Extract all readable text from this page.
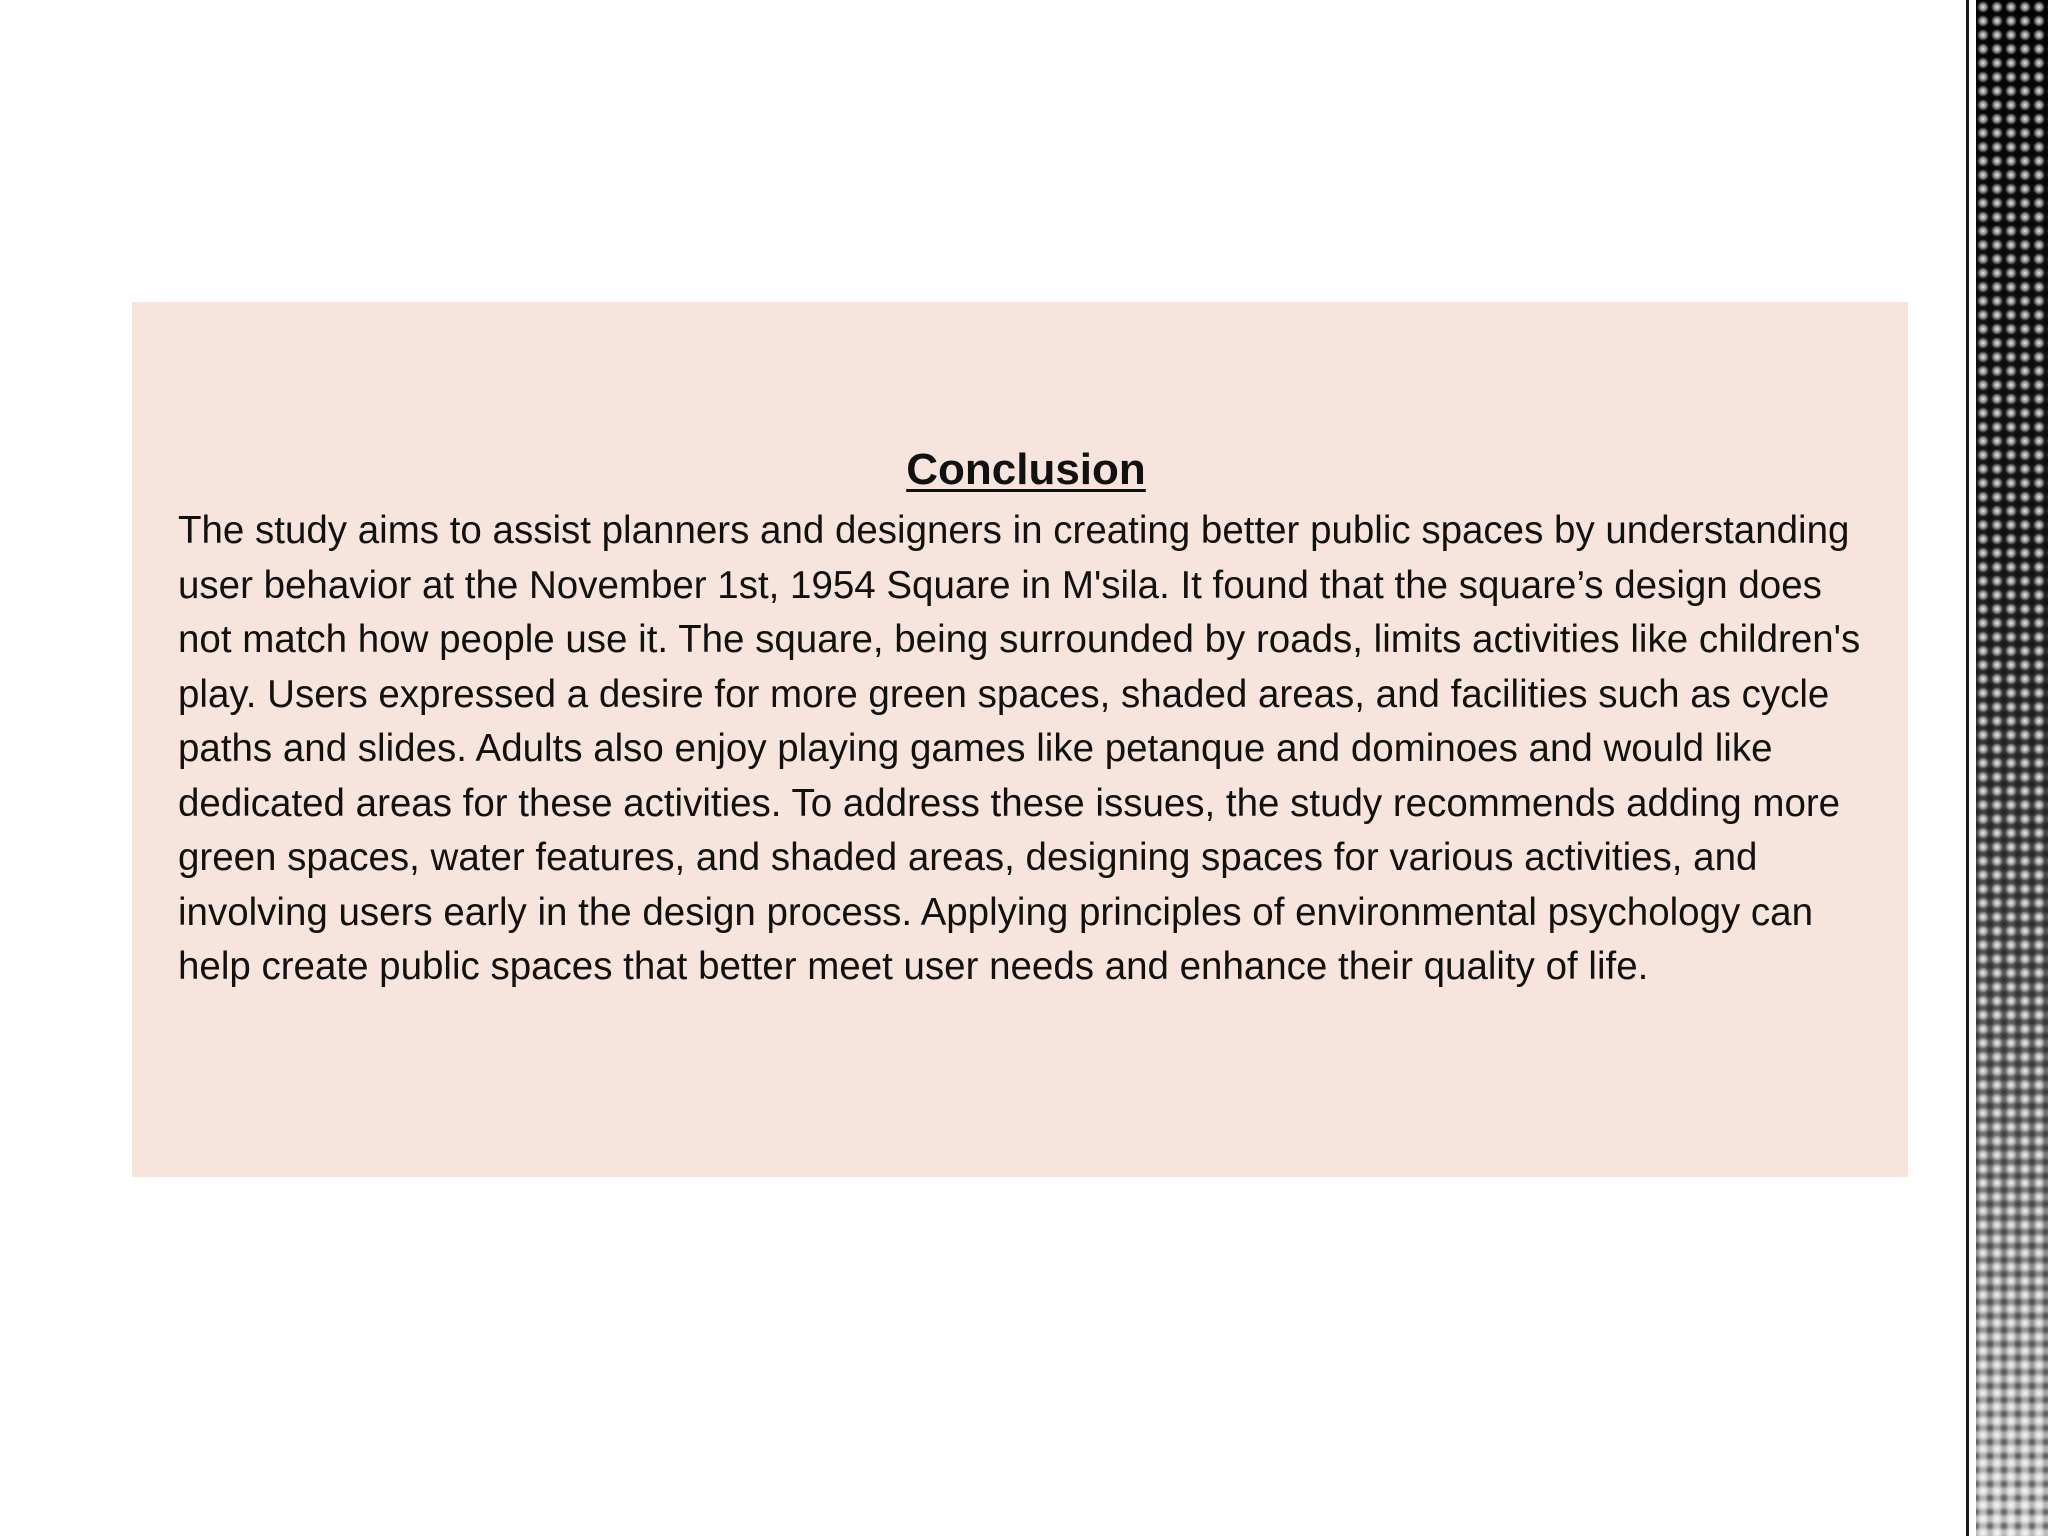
Conclusion

The study aims to assist planners and designers in creating better public spaces by understanding user behavior at the November 1st, 1954 Square in M'sila. It found that the square’s design does not match how people use it. The square, being surrounded by roads, limits activities like children's play. Users expressed a desire for more green spaces, shaded areas, and facilities such as cycle paths and slides. Adults also enjoy playing games like petanque and dominoes and would like dedicated areas for these activities. To address these issues, the study recommends adding more green spaces, water features, and shaded areas, designing spaces for various activities, and involving users early in the design process. Applying principles of environmental psychology can help create public spaces that better meet user needs and enhance their quality of life.
